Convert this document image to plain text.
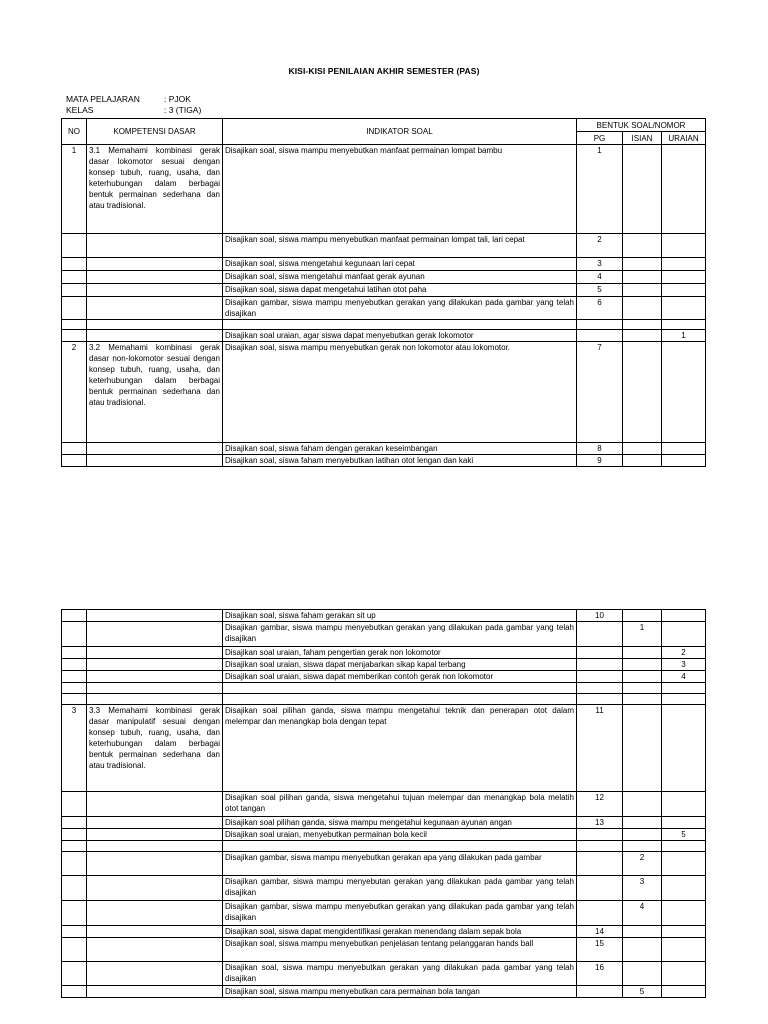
KISI-KISI PENILAIAN AKHIR SEMESTER (PAS)
MATA PELAJARAN	: PJOK
KELAS	: 3 (TIGA)
NO	KOMPETENSI DASAR	INDIKATOR SOAL	BENTUK SOAL/NOMOR		
			PG	ISIAN	URAIAN
1	3.1 Memahami kombinasi gerak dasar lokomotor sesuai dengan konsep tubuh, ruang, usaha, dan keterhubungan dalam berbagai bentuk permainan sederhana dan atau tradisional.	Disajikan soal, siswa mampu menyebutkan manfaat permainan lompat bambu	1		
		Disajikan soal, siswa mampu menyebutkan manfaat permainan lompat tali, lari cepat	2		
		Disajikan soal, siswa mengetahui kegunaan lari cepat	3		
		Disajikan soal, siswa mengetahui manfaat gerak ayunan	4		
		Disajikan soal, siswa dapat mengetahui latihan otot paha	5		
		Disajikan gambar, siswa mampu menyebutkan gerakan yang dilakukan pada gambar yang telah disajikan	6		

		Disajikan soal uraian, agar siswa dapat menyebutkan gerak lokomotor			1
2	3.2 Memahami kombinasi gerak dasar non-lokomotor sesuai dengan konsep tubuh, ruang, usaha, dan keterhubungan dalam berbagai bentuk permainan sederhana dan atau tradisional.	Disajikan soal, siswa mampu menyebutkan gerak non lokomotor atau lokomotor.	7		
		Disajikan soal, siswa faham dengan gerakan keseimbangan	8		
		Disajikan soal, siswa faham menyebutkan latihan otot lengan dan kaki	9		
		Disajikan soal, siswa faham gerakan sit up	10		
		Disajikan gambar, siswa mampu menyebutkan gerakan yang dilakukan pada gambar yang telah disajikan		1	
		Disajikan soal uraian, faham pengertian gerak non lokomotor			2
		Disajikan soal uraian, siswa dapat menjabarkan sikap kapal terbang			3
		Disajikan soal uraian, siswa dapat memberikan contoh gerak non lokomotor			4

3	3.3 Memahami kombinasi gerak dasar manipulatif sesuai dengan konsep tubuh, ruang, usaha, dan keterhubungan dalam berbagai bentuk permainan sederhana dan atau tradisional.	Disajikan soal pilihan ganda, siswa mampu mengetahui teknik dan penerapan otot dalam melempar dan menangkap bola dengan tepat	11		
		Disajikan soal pilihan ganda, siswa mengetahui tujuan melempar dan menangkap bola melatih otot tangan	12		
		Disajikan soal pilihan ganda, siswa mampu mengetahui kegunaan ayunan angan	13		
		Disajikan soal uraian, menyebutkan permainan bola kecil			5

		Disajikan gambar, siswa mampu menyebutkan gerakan apa yang dilakukan pada gambar		2	
		Disajikan gambar, siswa mampu menyebutan gerakan yang dilakukan pada gambar yang telah disajikan		3	
		Disajikan gambar, siswa mampu menyebutkan gerakan yang dilakukan pada gambar yang telah disajikan		4	
		Disajikan soal, siswa dapat mengidentifikasi gerakan menendang dalam sepak bola	14		
		Disajikan soal, siswa mampu menyebutkan penjelasan tentang pelanggaran hands ball	15		
		Disajikan soal, siswa mampu menyebutkan gerakan yang dilakukan pada gambar yang telah disajikan	16		
		Disajikan soal, siswa mampu menyebutkan cara permainan bola tangan		5	
